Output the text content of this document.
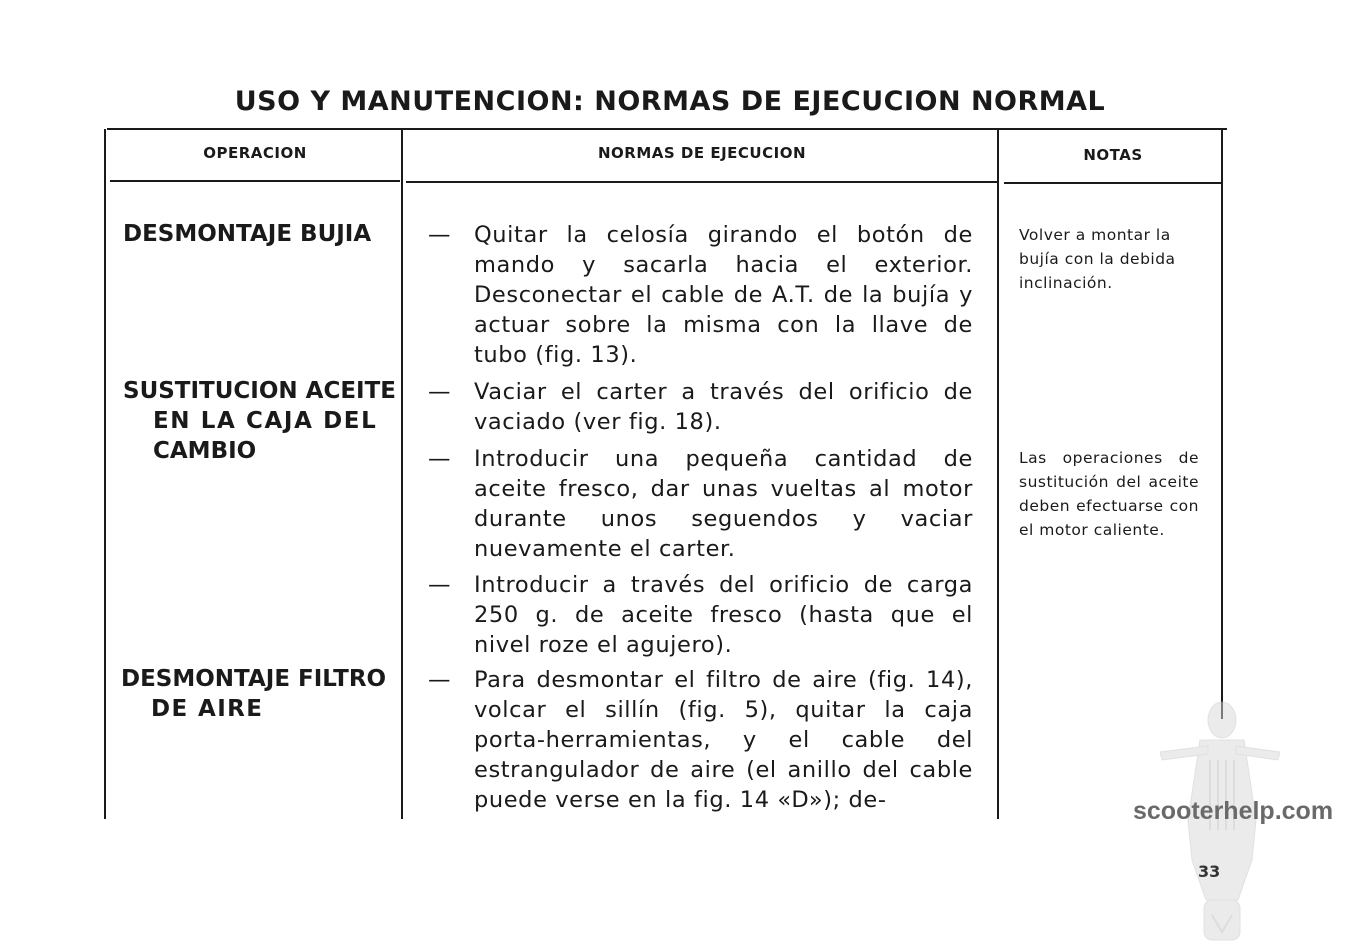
USO Y MANUTENCION: NORMAS DE EJECUCION NORMAL
OPERACION	NORMAS DE EJECUCION	NOTAS
DESMONTAJE BUJIA
SUSTITUCION ACEITE
EN LA CAJA DEL
CAMBIO
DESMONTAJE FILTRO
DE AIRE
— Quitar la celosía girando el botón de mando y sacarla hacia el exterior. Desconectar el cable de A.T. de la bujía y actuar sobre la misma con la llave de tubo (fig. 13).
— Vaciar el carter a través del orificio de vaciado (ver fig. 18).
— Introducir una pequeña cantidad de aceite fresco, dar unas vueltas al motor durante unos seguendos y vaciar nuevamente el carter.
— Introducir a través del orificio de carga 250 g. de aceite fresco (hasta que el nivel roze el agujero).
— Para desmontar el filtro de aire (fig. 14), volcar el sillín (fig. 5), quitar la caja porta-herramientas, y el cable del estrangulador de aire (el anillo del cable puede verse en la fig. 14 «D»); de-
Volver a montar la bujía con la debida inclinación.
Las operaciones de sustitución del aceite deben efectuarse con el motor caliente.
scooterhelp.com
33
